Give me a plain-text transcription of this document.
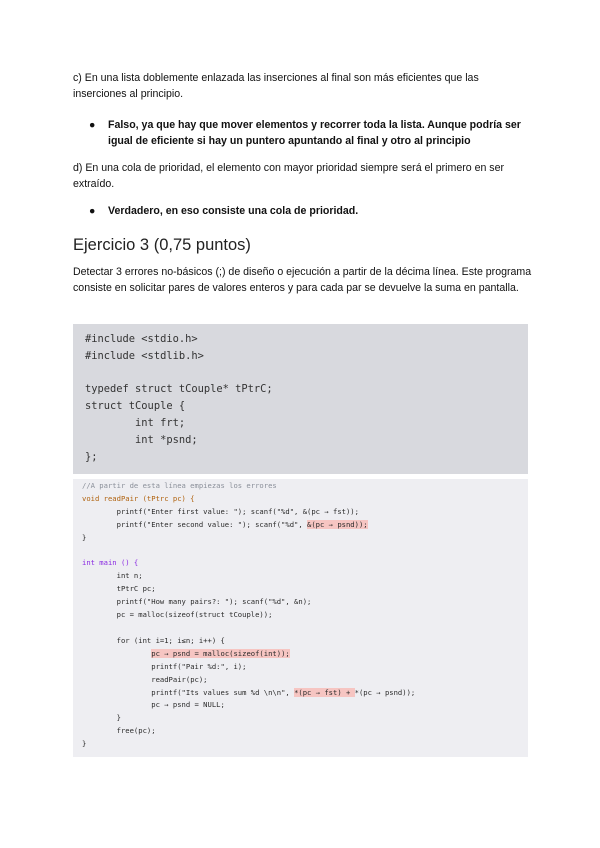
c) En una lista doblemente enlazada las inserciones al final son más eficientes que las inserciones al principio.
●	Falso, ya que hay que mover elementos y recorrer toda la lista. Aunque podría ser igual de eficiente si hay un puntero apuntando al final y otro al principio
d) En una cola de prioridad, el elemento con mayor prioridad siempre será el primero en ser extraído.
●	Verdadero, en eso consiste una cola de prioridad.
Ejercicio 3 (0,75 puntos)
Detectar 3 errores no-básicos (;) de diseño o ejecución a partir de la décima línea. Este programa consiste en solicitar pares de valores enteros y para cada par se devuelve la suma en pantalla.
#include <stdio.h>
#include <stdlib.h>

typedef struct tCouple* tPtrC;
struct tCouple {
int frt;
int *psnd;
};
//A partir de esta línea empiezas los errores
void readPair (tPtrc pc) {
printf("Enter first value: "); scanf("%d", &(pc → fst));
printf("Enter second value: "); scanf("%d", &(pc → psnd));
}

int main () {
int n;
tPtrC pc;
printf("How many pairs?: "); scanf("%d", &n);
pc = malloc(sizeof(struct tCouple));

for (int i=1; i≤n; i++) {
pc → psnd = malloc(sizeof(int));
printf("Pair %d:", i);
readPair(pc);
printf("Its values sum %d \n\n", *(pc → fst) + *(pc → psnd));
pc → psnd = NULL;
}
free(pc);
}
